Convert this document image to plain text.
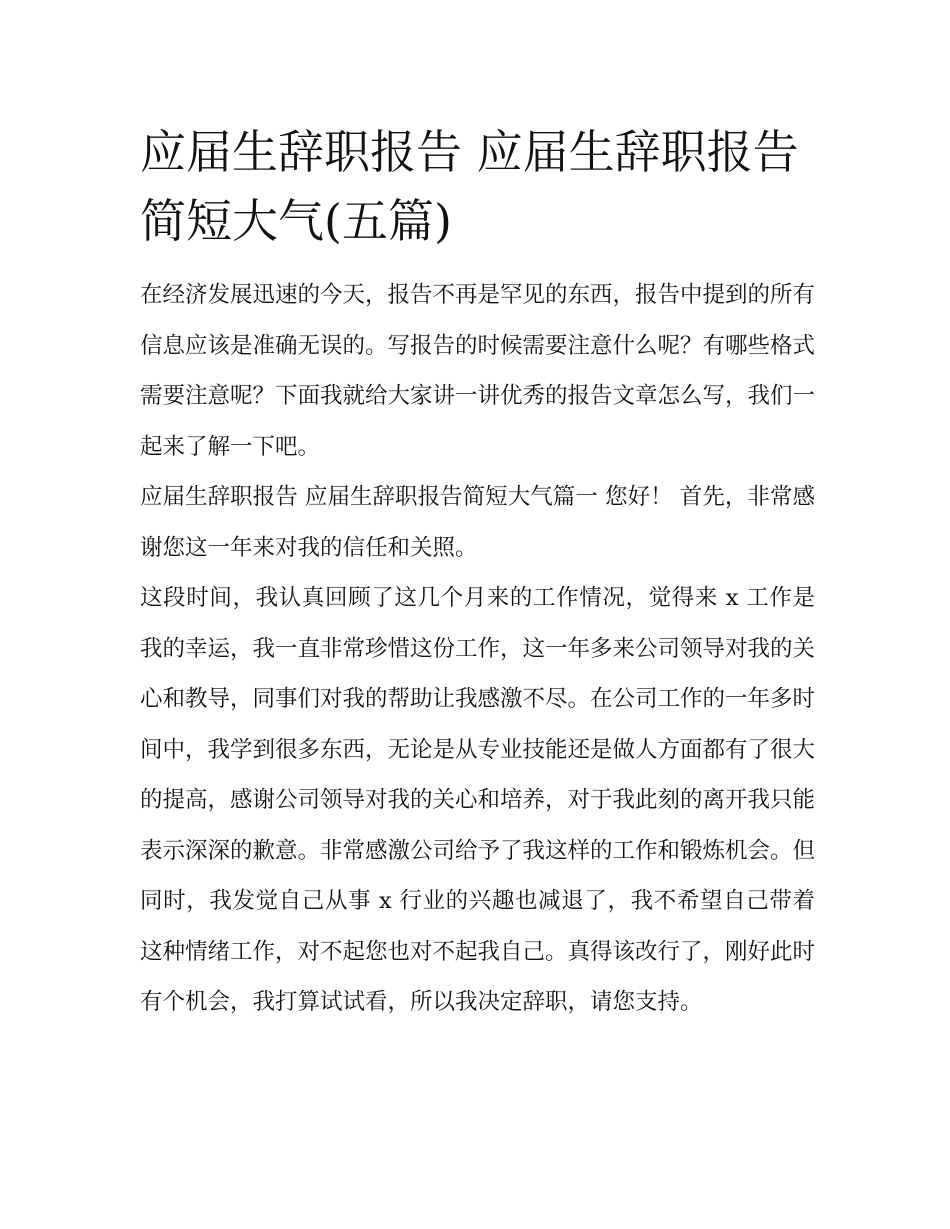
应届生辞职报告 应届生辞职报告简短大气(五篇)

在经济发展迅速的今天，报告不再是罕见的东西，报告中提到的所有信息应该是准确无误的。写报告的时候需要注意什么呢？有哪些格式需要注意呢？下面我就给大家讲一讲优秀的报告文章怎么写，我们一起来了解一下吧。

应届生辞职报告 应届生辞职报告简短大气篇一 您好！ 首先，非常感谢您这一年来对我的信任和关照。

这段时间，我认真回顾了这几个月来的工作情况，觉得来 x 工作是我的幸运，我一直非常珍惜这份工作，这一年多来公司领导对我的关心和教导，同事们对我的帮助让我感激不尽。在公司工作的一年多时间中，我学到很多东西，无论是从专业技能还是做人方面都有了很大的提高，感谢公司领导对我的关心和培养，对于我此刻的离开我只能表示深深的歉意。非常感激公司给予了我这样的工作和锻炼机会。但同时，我发觉自己从事 x 行业的兴趣也减退了，我不希望自己带着这种情绪工作，对不起您也对不起我自己。真得该改行了，刚好此时有个机会，我打算试试看，所以我决定辞职，请您支持。
